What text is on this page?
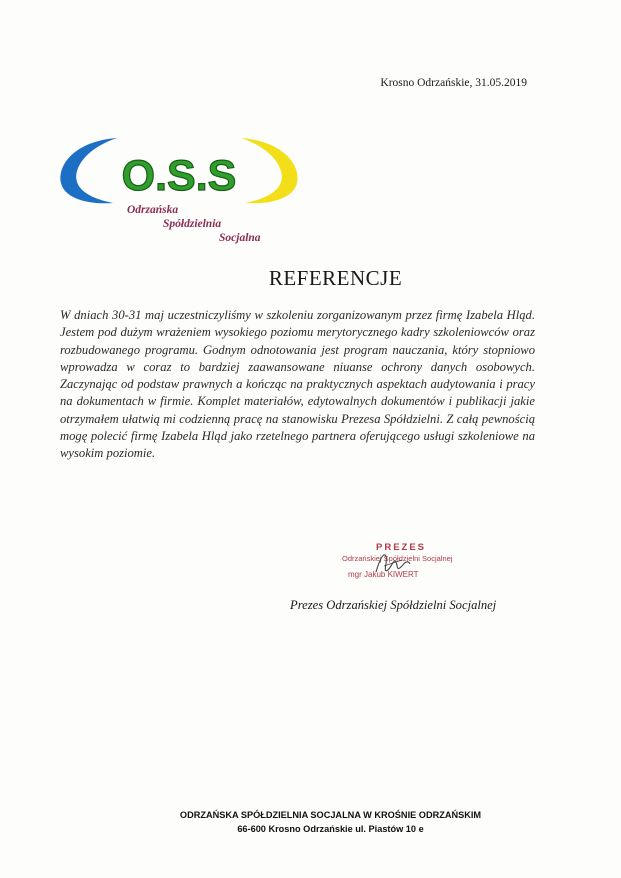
Krosno Odrzańskie, 31.05.2019
O.S.S
Odrzańska
Spółdzielnia
Socjalna
REFERENCJE
W dniach 30-31 maj uczestniczyliśmy w szkoleniu zorganizowanym przez firmę Izabela Hląd. Jestem pod dużym wrażeniem wysokiego poziomu merytorycznego kadry szkoleniowców oraz rozbudowanego programu. Godnym odnotowania jest program nauczania, który stopniowo wprowadza w coraz to bardziej zaawansowane niuanse ochrony danych osobowych. Zaczynając od podstaw prawnych a kończąc na praktycznych aspektach audytowania i pracy na dokumentach w firmie. Komplet materiałów, edytowalnych dokumentów i publikacji jakie otrzymałem ułatwią mi codzienną pracę na stanowisku Prezesa Spółdzielni. Z całą pewnością mogę polecić firmę Izabela Hląd jako rzetelnego partnera oferującego usługi szkoleniowe na wysokim poziomie.
PREZES
Odrzańskiej Spółdzielni Socjalnej
mgr Jakub KIWERT
Prezes Odrzańskiej Spółdzielni Socjalnej
ODRZAŃSKA SPÓŁDZIELNIA SOCJALNA W KROŚNIE ODRZAŃSKIM
66-600 Krosno Odrzańskie ul. Piastów 10 e
